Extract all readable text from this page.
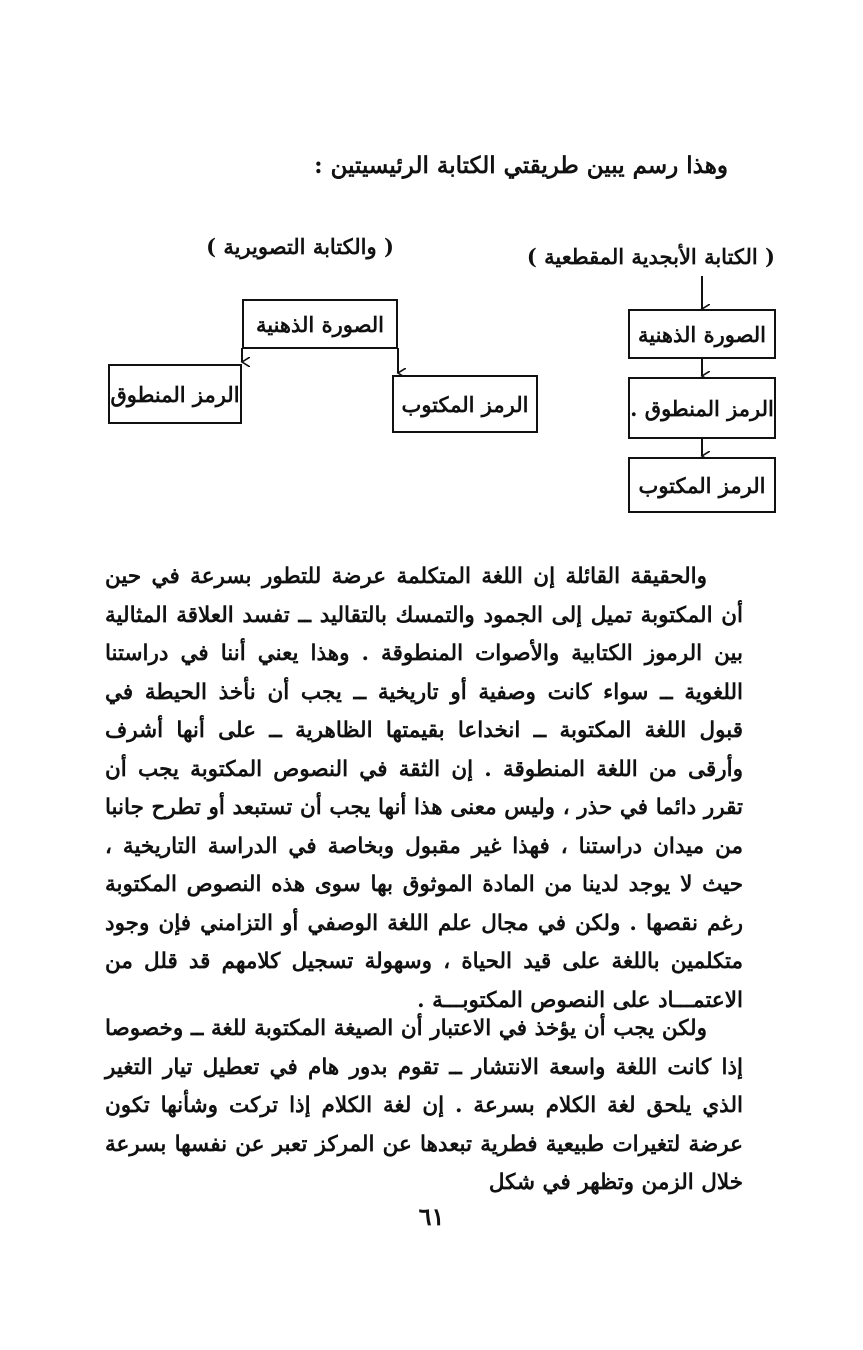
وهذا رسم يبين طريقتي الكتابة الرئيسيتين :
( والكتابة التصويرية )	( الكتابة الأبجدية المقطعية )
الصورة الذهنية
الرمز المنطوق	الرمز المكتوب
الصورة الذهنية
الرمز المنطوق .
الرمز المكتوب

والحقيقة القائلة إن اللغة المتكلمة عرضة للتطور بسرعة في حين أن المكتوبة تميل إلى الجمود والتمسك بالتقاليد ــ تفسد العلاقة المثالية بين الرموز الكتابية والأصوات المنطوقة . وهذا يعني أننا في دراستنا اللغوية ــ سواء كانت وصفية أو تاريخية ــ يجب أن نأخذ الحيطة في قبول اللغة المكتوبة ــ انخداعا بقيمتها الظاهرية ــ على أنها أشرف وأرقى من اللغة المنطوقة . إن الثقة في النصوص المكتوبة يجب أن تقرر دائما في حذر ، وليس معنى هذا أنها يجب أن تستبعد أو تطرح جانبا من ميدان دراستنا ، فهذا غير مقبول وبخاصة في الدراسة التاريخية ، حيث لا يوجد لدينا من المادة الموثوق بها سوى هذه النصوص المكتوبة رغم نقصها . ولكن في مجال علم اللغة الوصفي أو التزامني فإن وجود متكلمين باللغة على قيد الحياة ، وسهولة تسجيل كلامهم قد قلل من الاعتمـــاد على النصوص المكتوبـــة .

ولكن يجب أن يؤخذ في الاعتبار أن الصيغة المكتوبة للغة ــ وخصوصا إذا كانت اللغة واسعة الانتشار ــ تقوم بدور هام في تعطيل تيار التغير الذي يلحق لغة الكلام بسرعة . إن لغة الكلام إذا تركت وشأنها تكون عرضة لتغيرات طبيعية فطرية تبعدها عن المركز تعبر عن نفسها بسرعة خلال الزمن وتظهر في شكل

٦١
